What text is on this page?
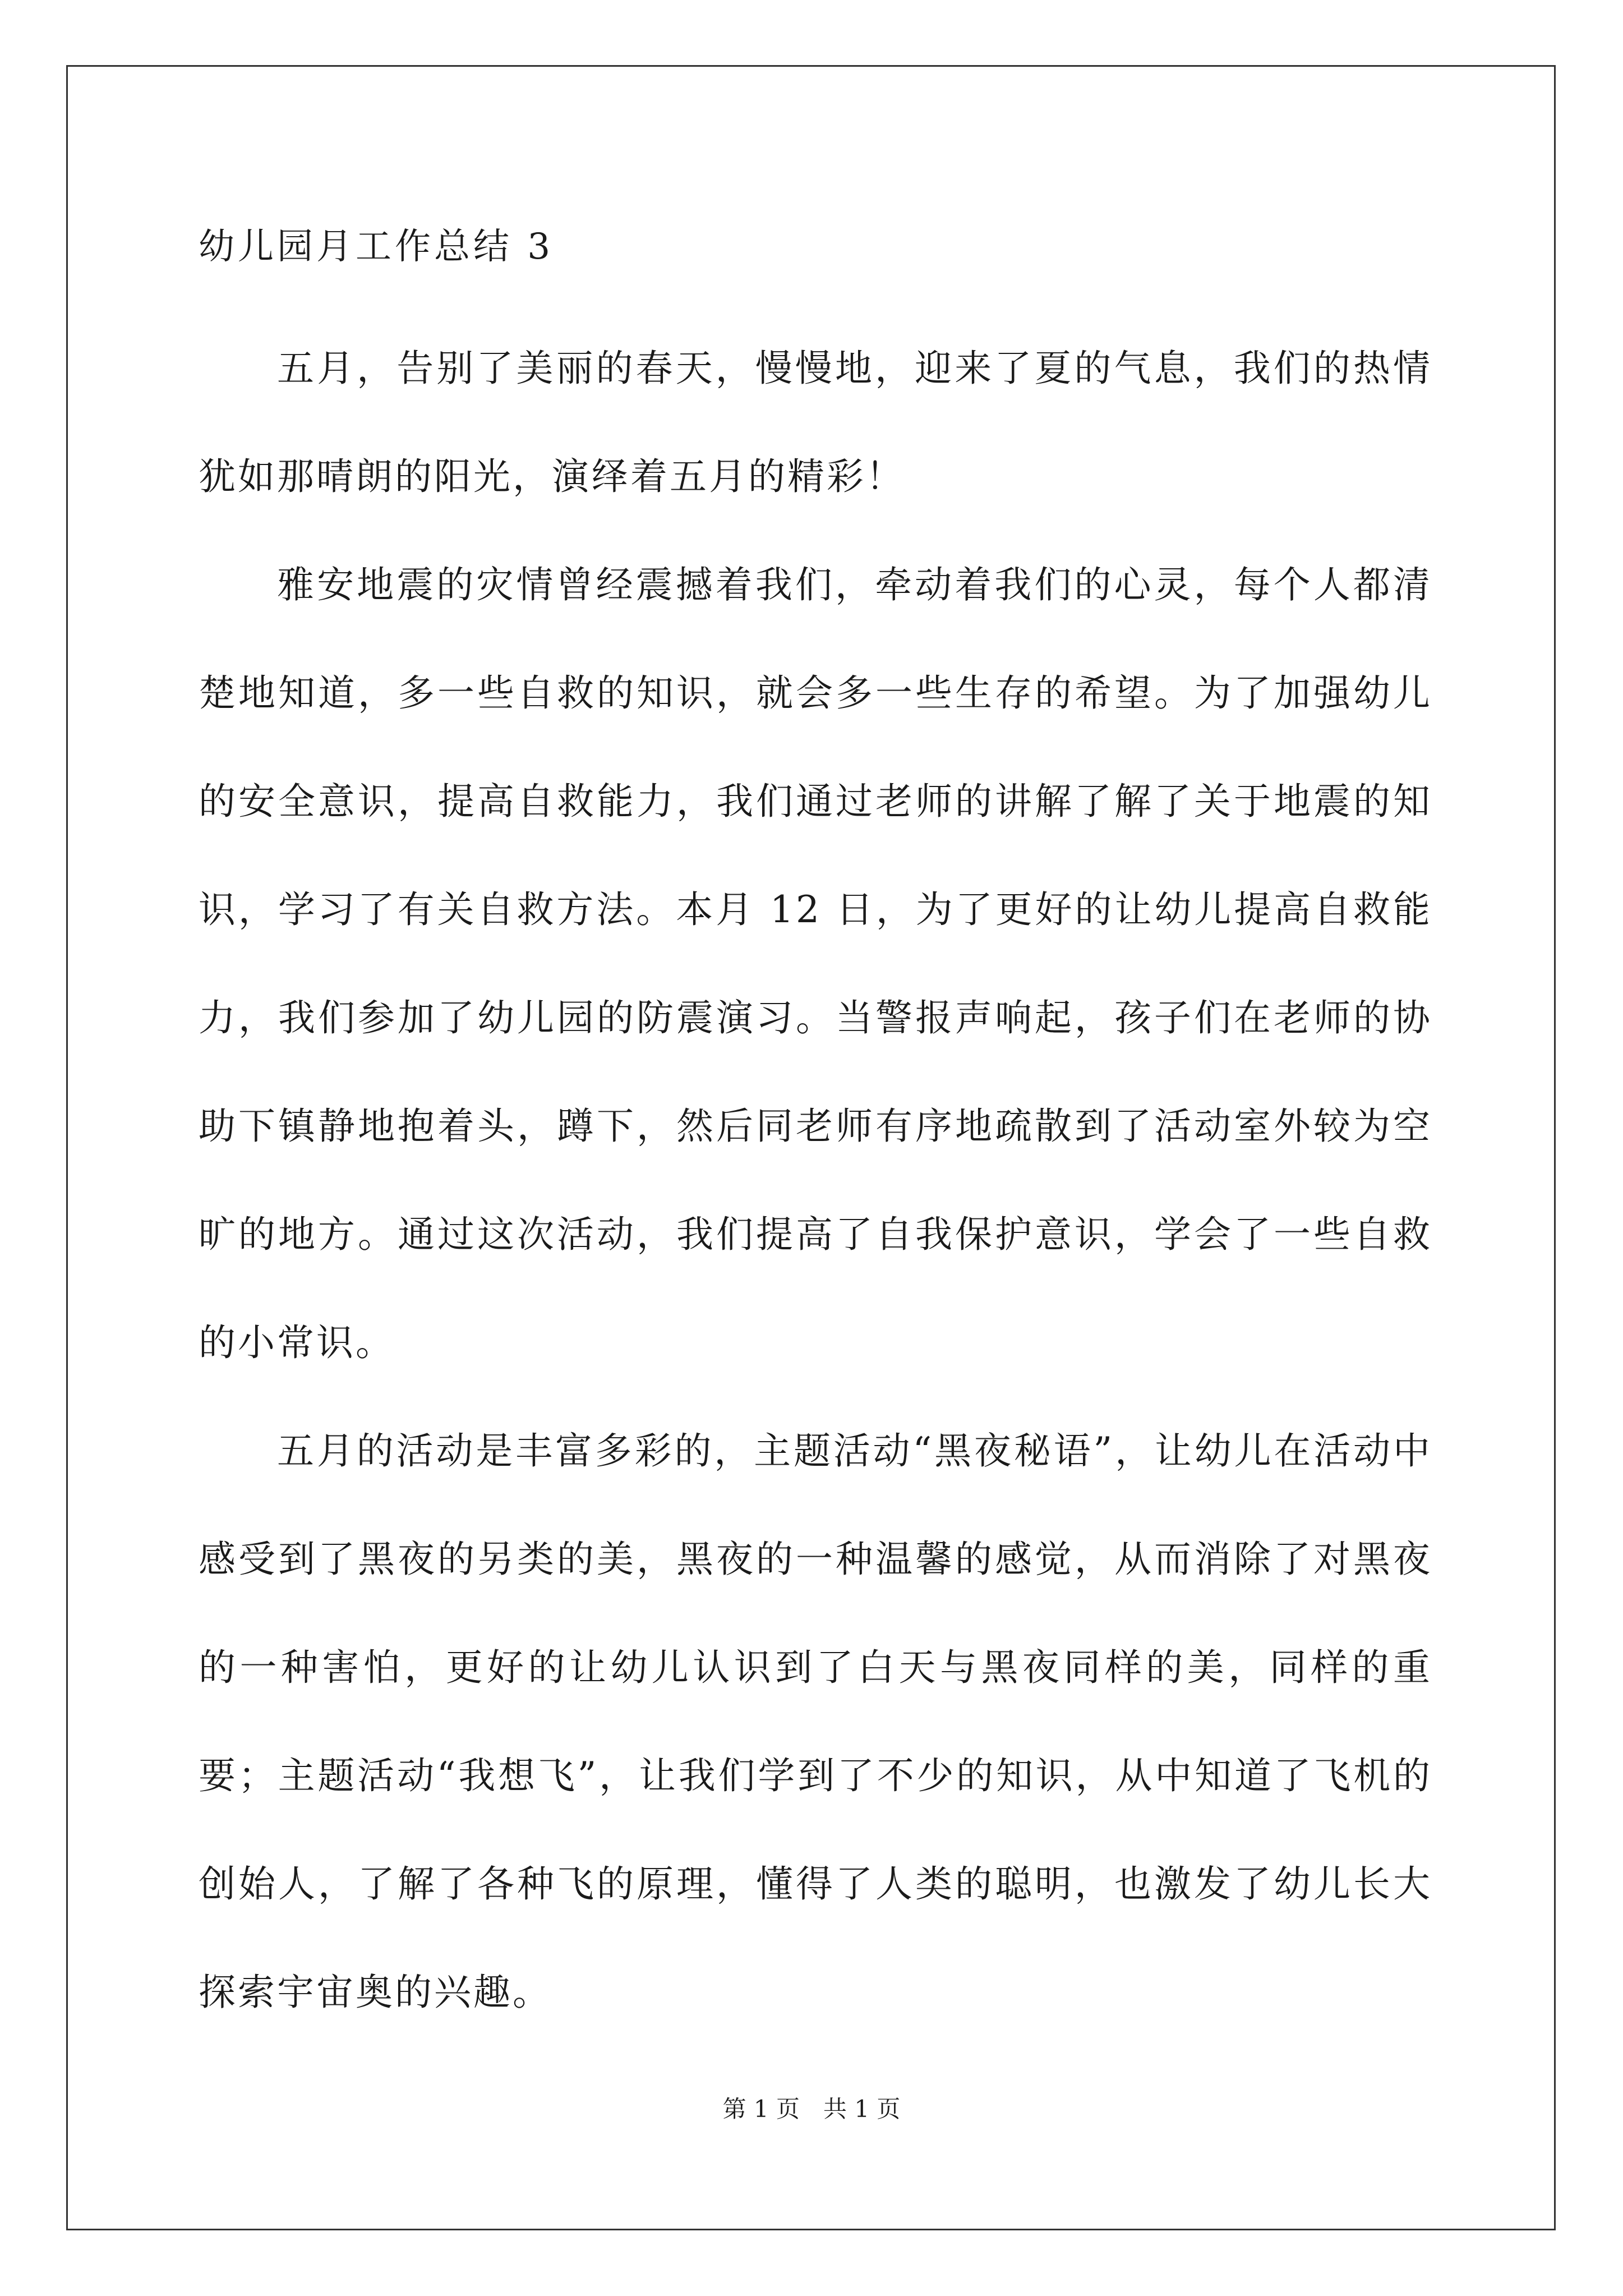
幼儿园月工作总结 3

五月，告别了美丽的春天，慢慢地，迎来了夏的气息，我们的热情犹如那晴朗的阳光，演绎着五月的精彩！

雅安地震的灾情曾经震撼着我们，牵动着我们的心灵，每个人都清楚地知道，多一些自救的知识，就会多一些生存的希望。为了加强幼儿的安全意识，提高自救能力，我们通过老师的讲解了解了关于地震的知识，学习了有关自救方法。本月 12 日，为了更好的让幼儿提高自救能力，我们参加了幼儿园的防震演习。当警报声响起，孩子们在老师的协助下镇静地抱着头，蹲下，然后同老师有序地疏散到了活动室外较为空旷的地方。通过这次活动，我们提高了自我保护意识，学会了一些自救的小常识。

五月的活动是丰富多彩的，主题活动“黑夜秘语”，让幼儿在活动中感受到了黑夜的另类的美，黑夜的一种温馨的感觉，从而消除了对黑夜的一种害怕，更好的让幼儿认识到了白天与黑夜同样的美，同样的重要；主题活动“我想飞”，让我们学到了不少的知识，从中知道了飞机的创始人，了解了各种飞的原理，懂得了人类的聪明，也激发了幼儿长大探索宇宙奥的兴趣。

第 1 页　共 1 页
